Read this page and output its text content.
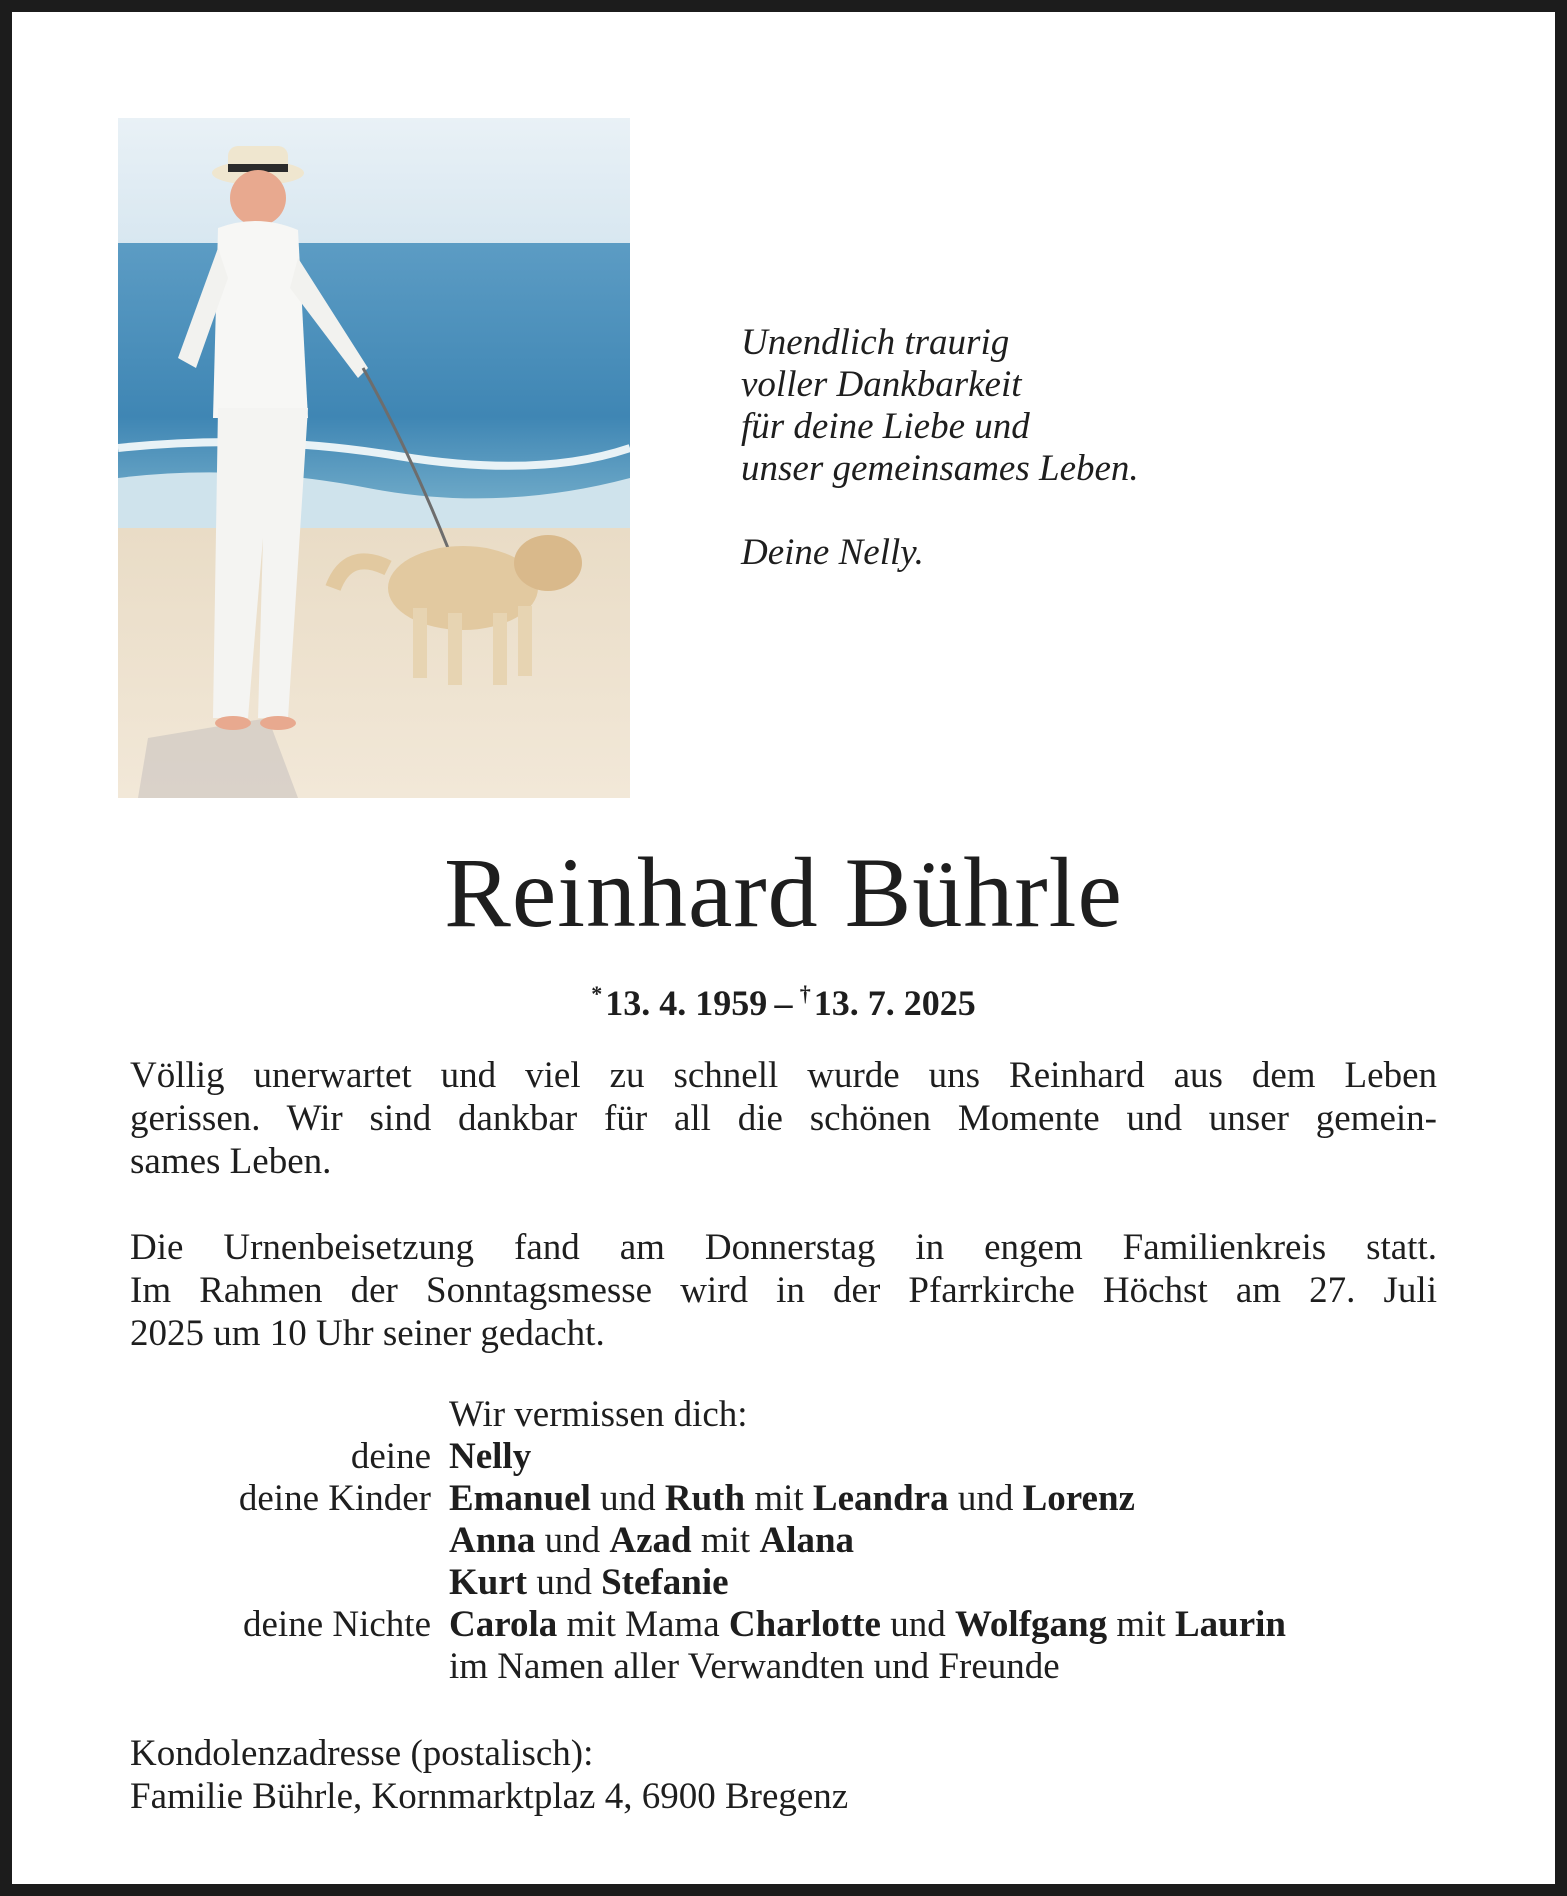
Unendlich traurig
voller Dankbarkeit
für deine Liebe und
unser gemeinsames Leben.
Deine Nelly.
Reinhard Bührle
* 13. 4. 1959  –  † 13. 7. 2025
Völlig unerwartet und viel zu schnell wurde uns Reinhard aus dem Leben
gerissen. Wir sind dankbar für all die schönen Momente und unser gemein-
sames Leben.
Die Urnenbeisetzung fand am Donnerstag in engem Familienkreis statt.
Im Rahmen der Sonntagsmesse wird in der Pfarrkirche Höchst am 27. Juli
2025 um 10 Uhr seiner gedacht.
Wir vermissen dich:
deine Nelly
deine Kinder Emanuel und Ruth mit Leandra und Lorenz
Anna und Azad mit Alana
Kurt und Stefanie
deine Nichte Carola mit Mama Charlotte und Wolfgang mit Laurin
im Namen aller Verwandten und Freunde
Kondolenzadresse (postalisch):
Familie Bührle, Kornmarktplaz 4, 6900 Bregenz
